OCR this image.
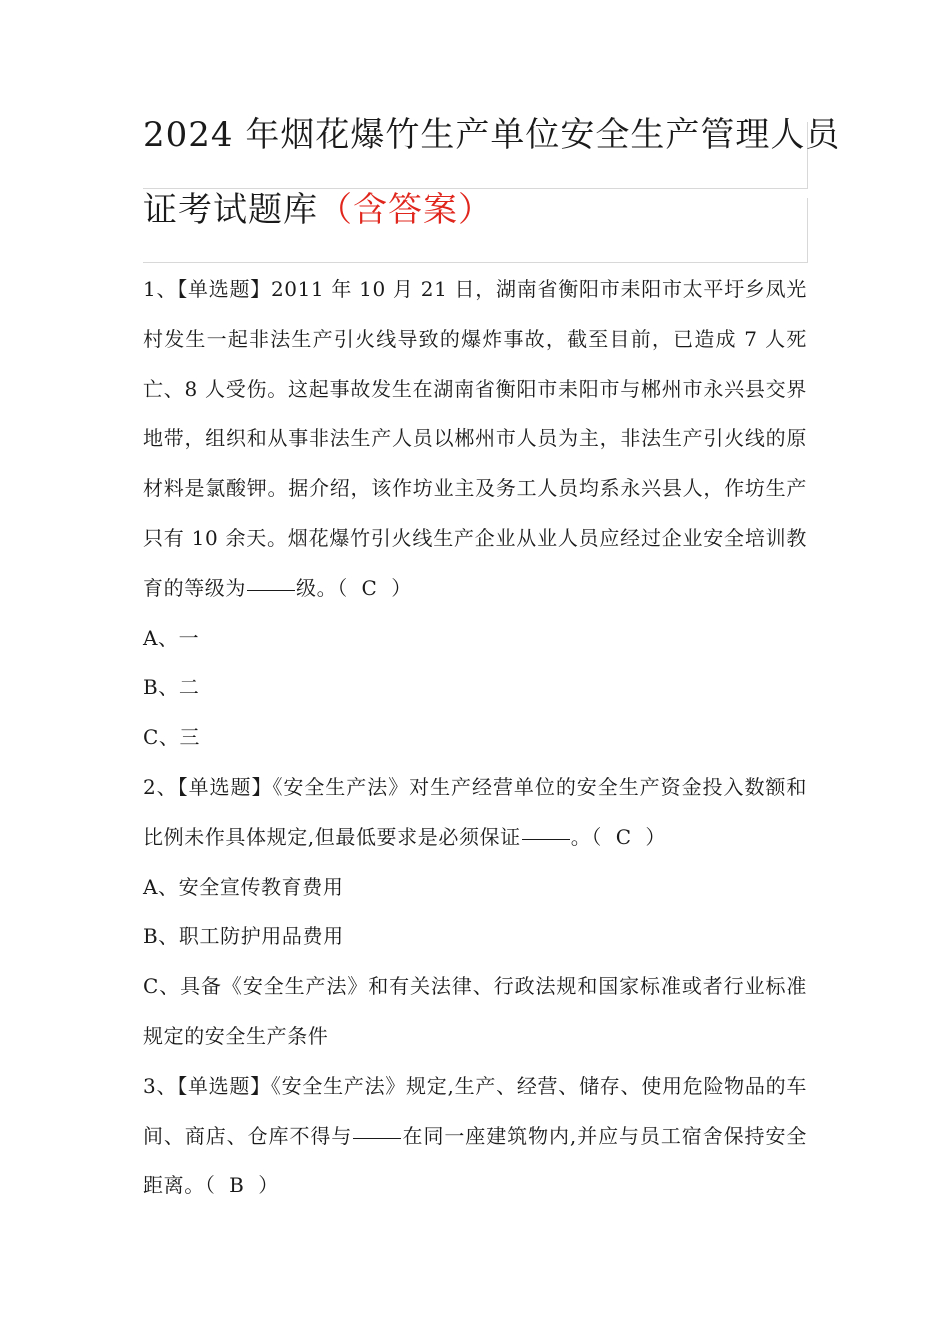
2024 年烟花爆竹生产单位安全生产管理人员
证考试题库（含答案）

1、【单选题】2011 年 10 月 21 日，湖南省衡阳市耒阳市太平圩乡凤光村发生一起非法生产引火线导致的爆炸事故，截至目前，已造成 7 人死亡、8 人受伤。这起事故发生在湖南省衡阳市耒阳市与郴州市永兴县交界地带，组织和从事非法生产人员以郴州市人员为主，非法生产引火线的原材料是氯酸钾。据介绍，该作坊业主及务工人员均系永兴县人，作坊生产只有 10 余天。烟花爆竹引火线生产企业从业人员应经过企业安全培训教育的等级为	级。（ C ）

A、一

B、二

C、三

2、【单选题】《安全生产法》对生产经营单位的安全生产资金投入数额和比例未作具体规定,但最低要求是必须保证	。（ C ）

A、安全宣传教育费用

B、职工防护用品费用

C、具备《安全生产法》和有关法律、行政法规和国家标准或者行业标准规定的安全生产条件

3、【单选题】《安全生产法》规定,生产、经营、储存、使用危险物品的车间、商店、仓库不得与	在同一座建筑物内,并应与员工宿舍保持安全距离。（ B ）
